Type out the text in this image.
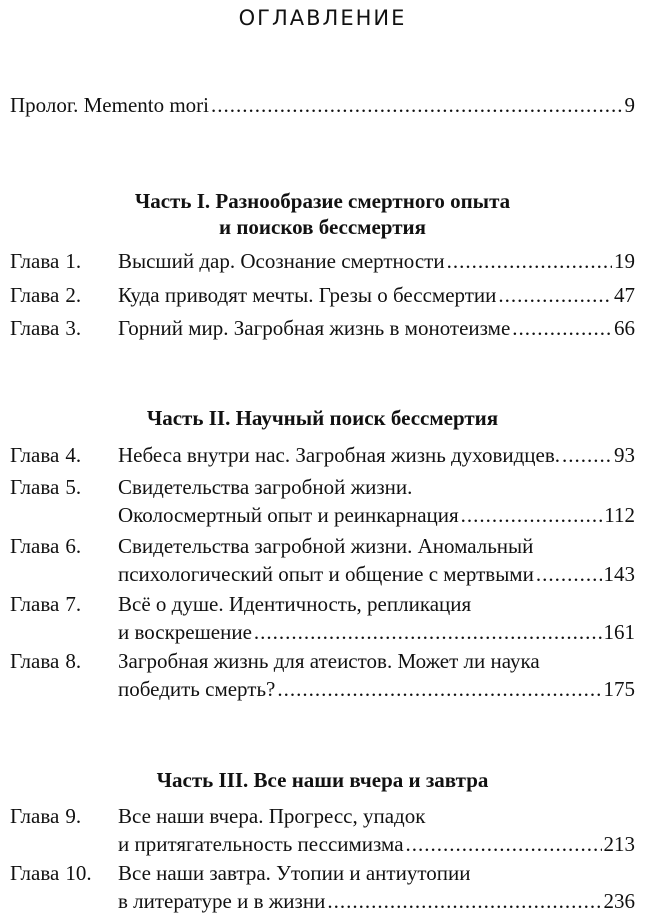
ОГЛАВЛЕНИЕ
Пролог. Memento mori .....	9
Часть I. Разнообразие смертного опыта
и поисков бессмертия
Глава 1. Высший дар. Осознание смертности .....	19
Глава 2. Куда приводят мечты. Грезы о бессмертии .....	47
Глава 3. Горний мир. Загробная жизнь в монотеизме .....	66
Часть II. Научный поиск бессмертия
Глава 4. Небеса внутри нас. Загробная жизнь духовидцев. .....	93
Глава 5. Свидетельства загробной жизни.
Околосмертный опыт и реинкарнация .....	112
Глава 6. Свидетельства загробной жизни. Аномальный
психологический опыт и общение с мертвыми .....	143
Глава 7. Всё о душе. Идентичность, репликация
и воскрешение .....	161
Глава 8. Загробная жизнь для атеистов. Может ли наука
победить смерть? .....	175
Часть III. Все наши вчера и завтра
Глава 9. Все наши вчера. Прогресс, упадок
и притягательность пессимизма .....	213
Глава 10. Все наши завтра. Утопии и антиутопии
в литературе и в жизни .....	236
